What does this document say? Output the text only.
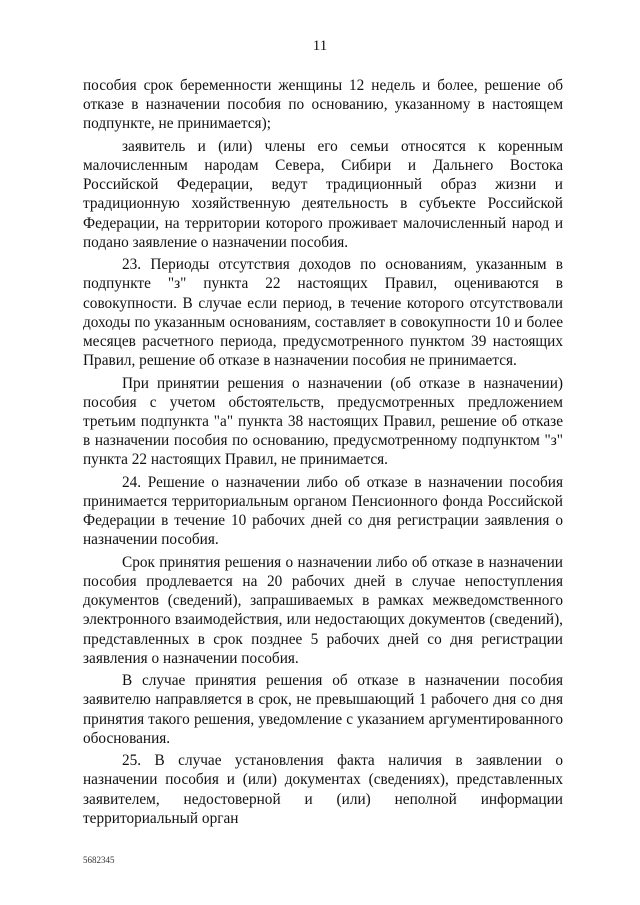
11

пособия срок беременности женщины 12 недель и более, решение об отказе в назначении пособия по основанию, указанному в настоящем подпункте, не принимается);

заявитель и (или) члены его семьи относятся к коренным малочисленным народам Севера, Сибири и Дальнего Востока Российской Федерации, ведут традиционный образ жизни и традиционную хозяйственную деятельность в субъекте Российской Федерации, на территории которого проживает малочисленный народ и подано заявление о назначении пособия.

23. Периоды отсутствия доходов по основаниям, указанным в подпункте "з" пункта 22 настоящих Правил, оцениваются в совокупности. В случае если период, в течение которого отсутствовали доходы по указанным основаниям, составляет в совокупности 10 и более месяцев расчетного периода, предусмотренного пунктом 39 настоящих Правил, решение об отказе в назначении пособия не принимается.

При принятии решения о назначении (об отказе в назначении) пособия с учетом обстоятельств, предусмотренных предложением третьим подпункта "а" пункта 38 настоящих Правил, решение об отказе в назначении пособия по основанию, предусмотренному подпунктом "з" пункта 22 настоящих Правил, не принимается.

24. Решение о назначении либо об отказе в назначении пособия принимается территориальным органом Пенсионного фонда Российской Федерации в течение 10 рабочих дней со дня регистрации заявления о назначении пособия.

Срок принятия решения о назначении либо об отказе в назначении пособия продлевается на 20 рабочих дней в случае непоступления документов (сведений), запрашиваемых в рамках межведомственного электронного взаимодействия, или недостающих документов (сведений), представленных в срок позднее 5 рабочих дней со дня регистрации заявления о назначении пособия.

В случае принятия решения об отказе в назначении пособия заявителю направляется в срок, не превышающий 1 рабочего дня со дня принятия такого решения, уведомление с указанием аргументированного обоснования.

25. В случае установления факта наличия в заявлении о назначении пособия и (или) документах (сведениях), представленных заявителем, недостоверной и (или) неполной информации территориальный орган

5682345
